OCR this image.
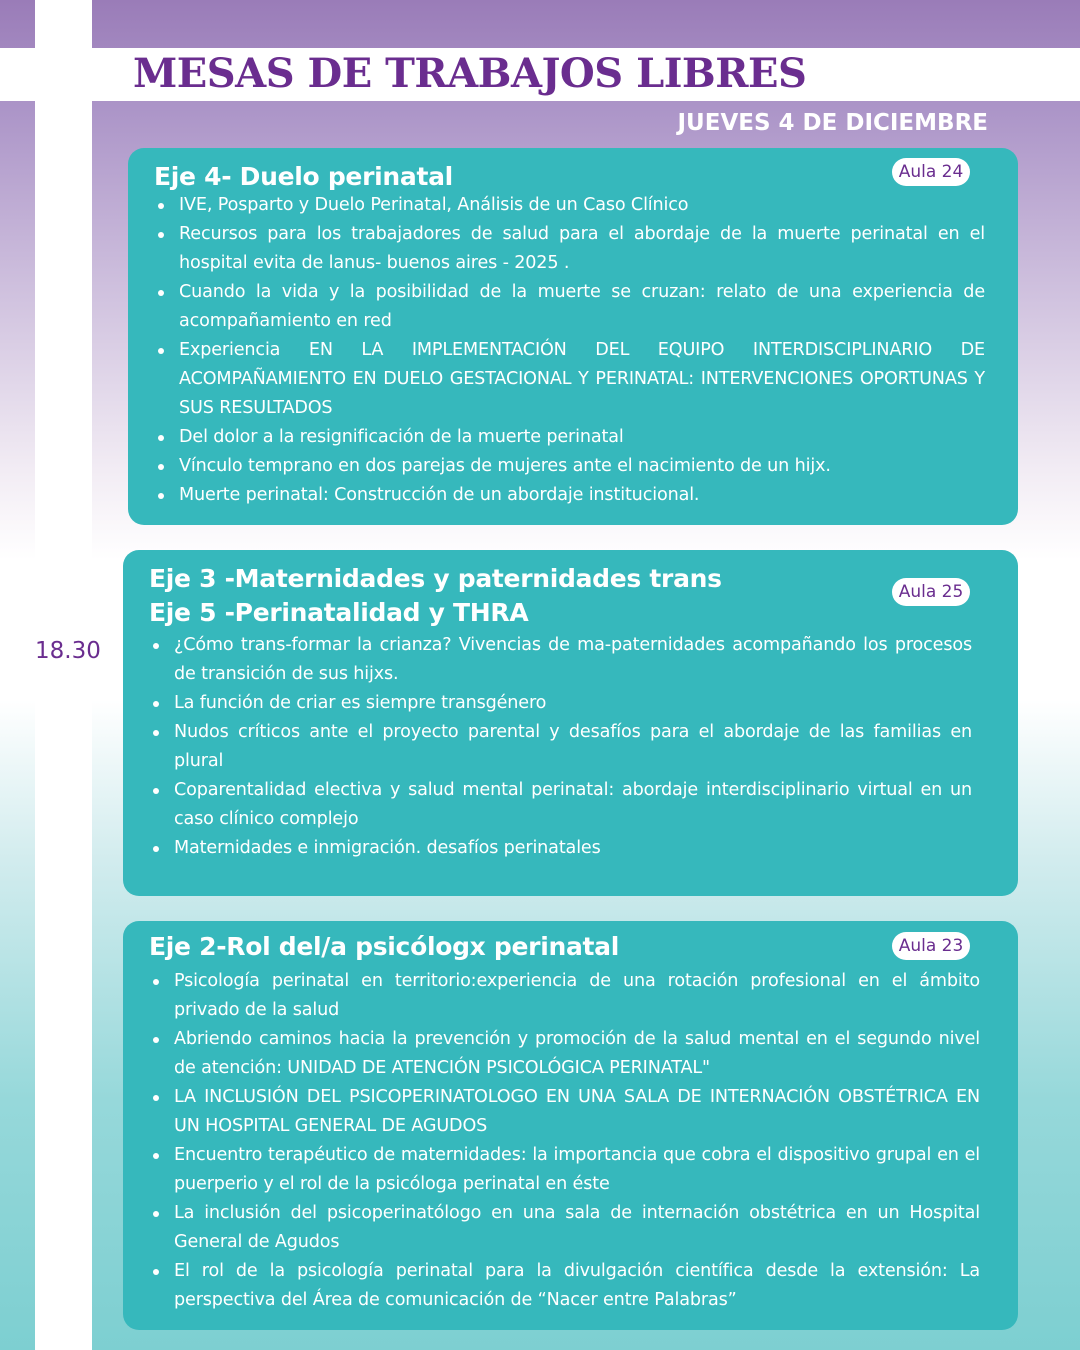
MESAS DE TRABAJOS LIBRES
JUEVES 4 DE DICIEMBRE
18.30
Eje 4- Duelo perinatal	Aula 24
IVE, Posparto y Duelo Perinatal, Análisis de un Caso Clínico
Recursos para los trabajadores de salud para el abordaje de la muerte perinatal en el hospital evita de lanus- buenos aires - 2025 .
Cuando la vida y la posibilidad de la muerte se cruzan: relato de una experiencia de acompañamiento en red
Experiencia EN LA IMPLEMENTACIÓN DEL EQUIPO INTERDISCIPLINARIO DE ACOMPAÑAMIENTO EN DUELO GESTACIONAL Y PERINATAL: INTERVENCIONES OPORTUNAS Y SUS RESULTADOS
Del dolor a la resignificación de la muerte perinatal
Vínculo temprano en dos parejas de mujeres ante el nacimiento de un hijx.
Muerte perinatal: Construcción de un abordaje institucional.
Eje 3 -Maternidades y paternidades trans
Eje 5 -Perinatalidad y THRA
Aula 25
¿Cómo trans-formar la crianza? Vivencias de ma-paternidades acompañando los procesos de transición de sus hijxs.
La función de criar es siempre transgénero
Nudos críticos ante el proyecto parental y desafíos para el abordaje de las familias en plural
Coparentalidad electiva y salud mental perinatal: abordaje interdisciplinario virtual en un caso clínico complejo
Maternidades e inmigración. desafíos perinatales
Eje 2-Rol del/a psicólogx perinatal	Aula 23
Psicología perinatal en territorio:experiencia de una rotación profesional en el ámbito privado de la salud
Abriendo caminos hacia la prevención y promoción de la salud mental en el segundo nivel de atención: UNIDAD DE ATENCIÓN PSICOLÓGICA PERINATAL"
LA INCLUSIÓN DEL PSICOPERINATOLOGO EN UNA SALA DE INTERNACIÓN OBSTÉTRICA EN UN HOSPITAL GENERAL DE AGUDOS
Encuentro terapéutico de maternidades: la importancia que cobra el dispositivo grupal en el puerperio y el rol de la psicóloga perinatal en éste
La inclusión del psicoperinatólogo en una sala de internación obstétrica en un Hospital General de Agudos
El rol de la psicología perinatal para la divulgación científica desde la extensión: La perspectiva del Área de comunicación de “Nacer entre Palabras”
